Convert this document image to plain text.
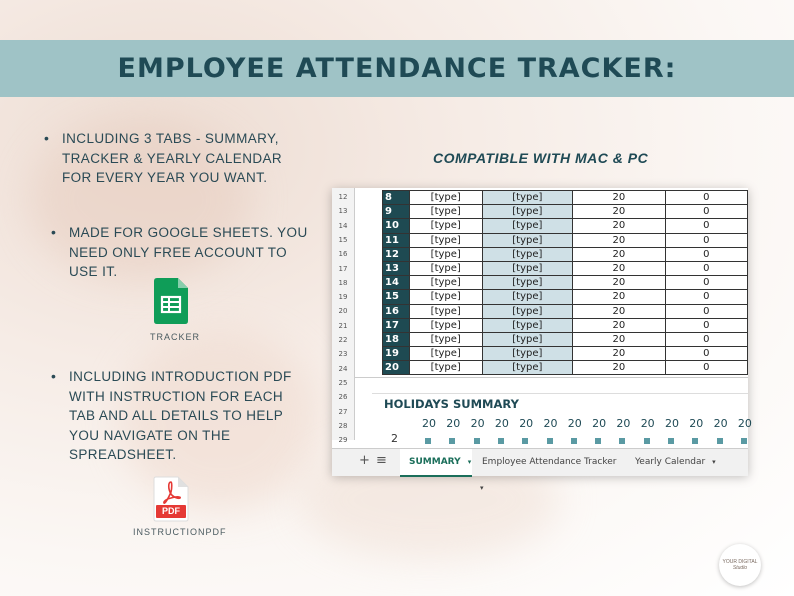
EMPLOYEE ATTENDANCE TRACKER:
• INCLUDING 3 TABS - SUMMARY,
TRACKER & YEARLY CALENDAR
FOR EVERY YEAR YOU WANT.
• MADE FOR GOOGLE SHEETS. YOU
NEED ONLY FREE ACCOUNT TO
USE IT.
TRACKER
• INCLUDING INTRODUCTION PDF
WITH INSTRUCTION FOR EACH
TAB AND ALL DETAILS TO HELP
YOU NAVIGATE ON THE
SPREADSHEET.
PDF
INSTRUCTIONPDF
COMPATIBLE WITH MAC & PC
12
13
14
15
16
17
18
19
20
21
22
23
24
25
26
27
28
29
8	[type]	[type]	20	0
9	[type]	[type]	20	0
10	[type]	[type]	20	0
11	[type]	[type]	20	0
12	[type]	[type]	20	0
13	[type]	[type]	20	0
14	[type]	[type]	20	0
15	[type]	[type]	20	0
16	[type]	[type]	20	0
17	[type]	[type]	20	0
18	[type]	[type]	20	0
19	[type]	[type]	20	0
20	[type]	[type]	20	0
HOLIDAYS SUMMARY
20 20 20 20 20 20 20 20 20 20 20 20 20 20
2
+ ≡	SUMMARY ▾	Employee Attendance Tracker ▾
Yearly Calendar ▾
YOUR DIGITAL
Studio
